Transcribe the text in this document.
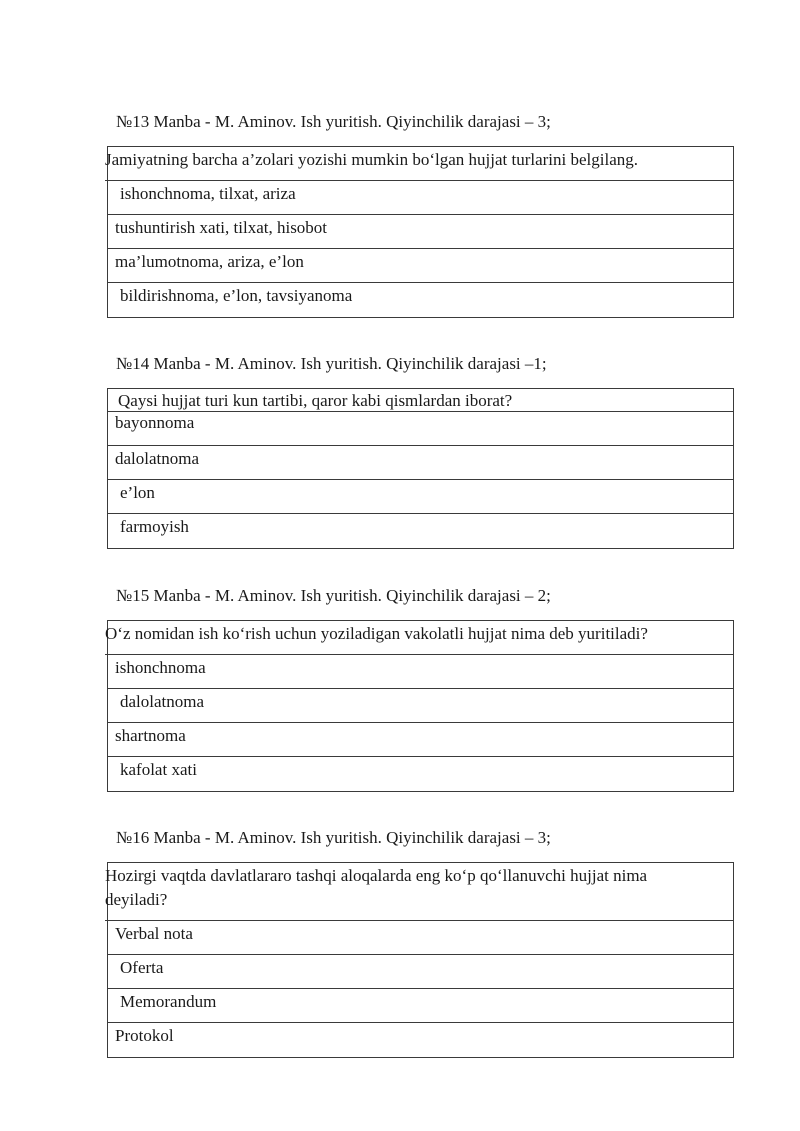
№13 Manba - M. Aminov. Ish yuritish. Qiyinchilik darajasi – 3;
Jamiyatning barcha a’zolari yozishi mumkin bo‘lgan hujjat turlarini belgilang.
ishonchnoma, tilxat, ariza
tushuntirish xati, tilxat, hisobot
ma’lumotnoma, ariza, e’lon
bildirishnoma, e’lon, tavsiyanoma
№14 Manba - M. Aminov. Ish yuritish. Qiyinchilik darajasi –1;
Qaysi hujjat turi kun tartibi, qaror kabi qismlardan iborat?
bayonnoma
dalolatnoma
e’lon
farmoyish
№15 Manba - M. Aminov. Ish yuritish. Qiyinchilik darajasi – 2;
O‘z nomidan ish ko‘rish uchun yoziladigan vakolatli hujjat nima deb yuritiladi?
ishonchnoma
dalolatnoma
shartnoma
kafolat xati
№16 Manba - M. Aminov. Ish yuritish. Qiyinchilik darajasi – 3;
Hozirgi vaqtda davlatlararo tashqi aloqalarda eng ko‘p qo‘llanuvchi hujjat nima deyiladi?
Verbal nota
Oferta
Memorandum
Protokol
